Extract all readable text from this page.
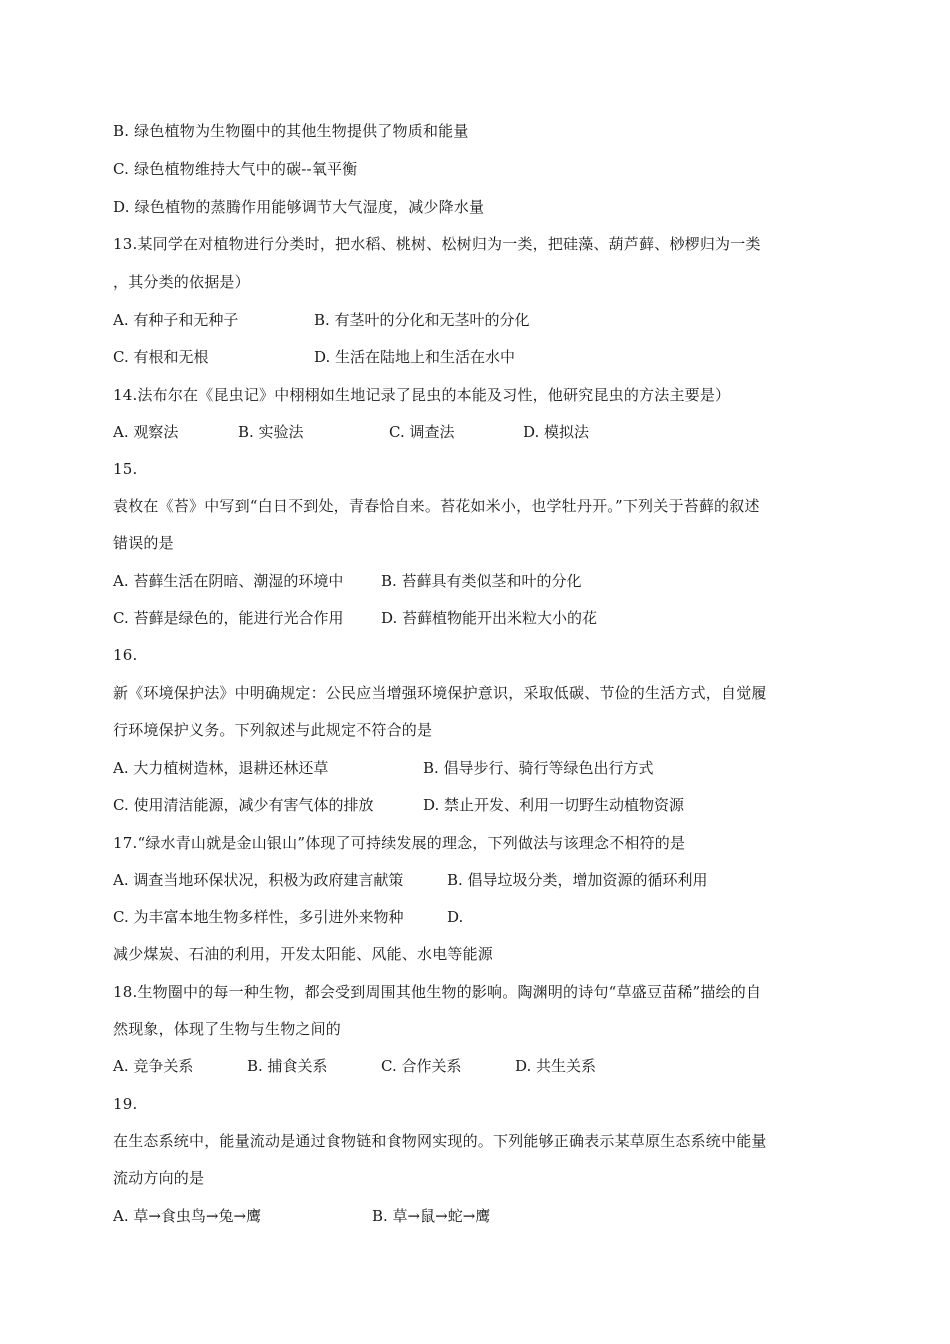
B. 绿色植物为生物圈中的其他生物提供了物质和能量
C. 绿色植物维持大气中的碳--氧平衡
D. 绿色植物的蒸腾作用能够调节大气湿度，减少降水量
13.某同学在对植物进行分类时，把水稻、桃树、松树归为一类，把硅藻、葫芦藓、桫椤归为一类
，其分类的依据是）
A. 有种子和无种子	B. 有茎叶的分化和无茎叶的分化
C. 有根和无根	D. 生活在陆地上和生活在水中
14.法布尔在《昆虫记》中栩栩如生地记录了昆虫的本能及习性，他研究昆虫的方法主要是）
A. 观察法	B. 实验法	C. 调查法	D. 模拟法
15.
袁枚在《苔》中写到“白日不到处，青春恰自来。苔花如米小，也学牡丹开。”下列关于苔藓的叙述
错误的是
A. 苔藓生活在阴暗、潮湿的环境中	B. 苔藓具有类似茎和叶的分化
C. 苔藓是绿色的，能进行光合作用	D. 苔藓植物能开出米粒大小的花
16.
新《环境保护法》中明确规定：公民应当增强环境保护意识，采取低碳、节俭的生活方式，自觉履
行环境保护义务。下列叙述与此规定不符合的是
A. 大力植树造林，退耕还林还草	B. 倡导步行、骑行等绿色出行方式
C. 使用清洁能源，减少有害气体的排放	D. 禁止开发、利用一切野生动植物资源
17.“绿水青山就是金山银山”体现了可持续发展的理念，下列做法与该理念不相符的是
A. 调查当地环保状况，积极为政府建言献策	B. 倡导垃圾分类，增加资源的循环利用
C. 为丰富本地生物多样性，多引进外来物种	D.
减少煤炭、石油的利用，开发太阳能、风能、水电等能源
18.生物圈中的每一种生物，都会受到周围其他生物的影响。陶渊明的诗句“草盛豆苗稀”描绘的自
然现象，体现了生物与生物之间的
A. 竞争关系	B. 捕食关系	C. 合作关系	D. 共生关系
19.
在生态系统中，能量流动是通过食物链和食物网实现的。下列能够正确表示某草原生态系统中能量
流动方向的是
A. 草→食虫鸟→兔→鹰	B. 草→鼠→蛇→鹰
